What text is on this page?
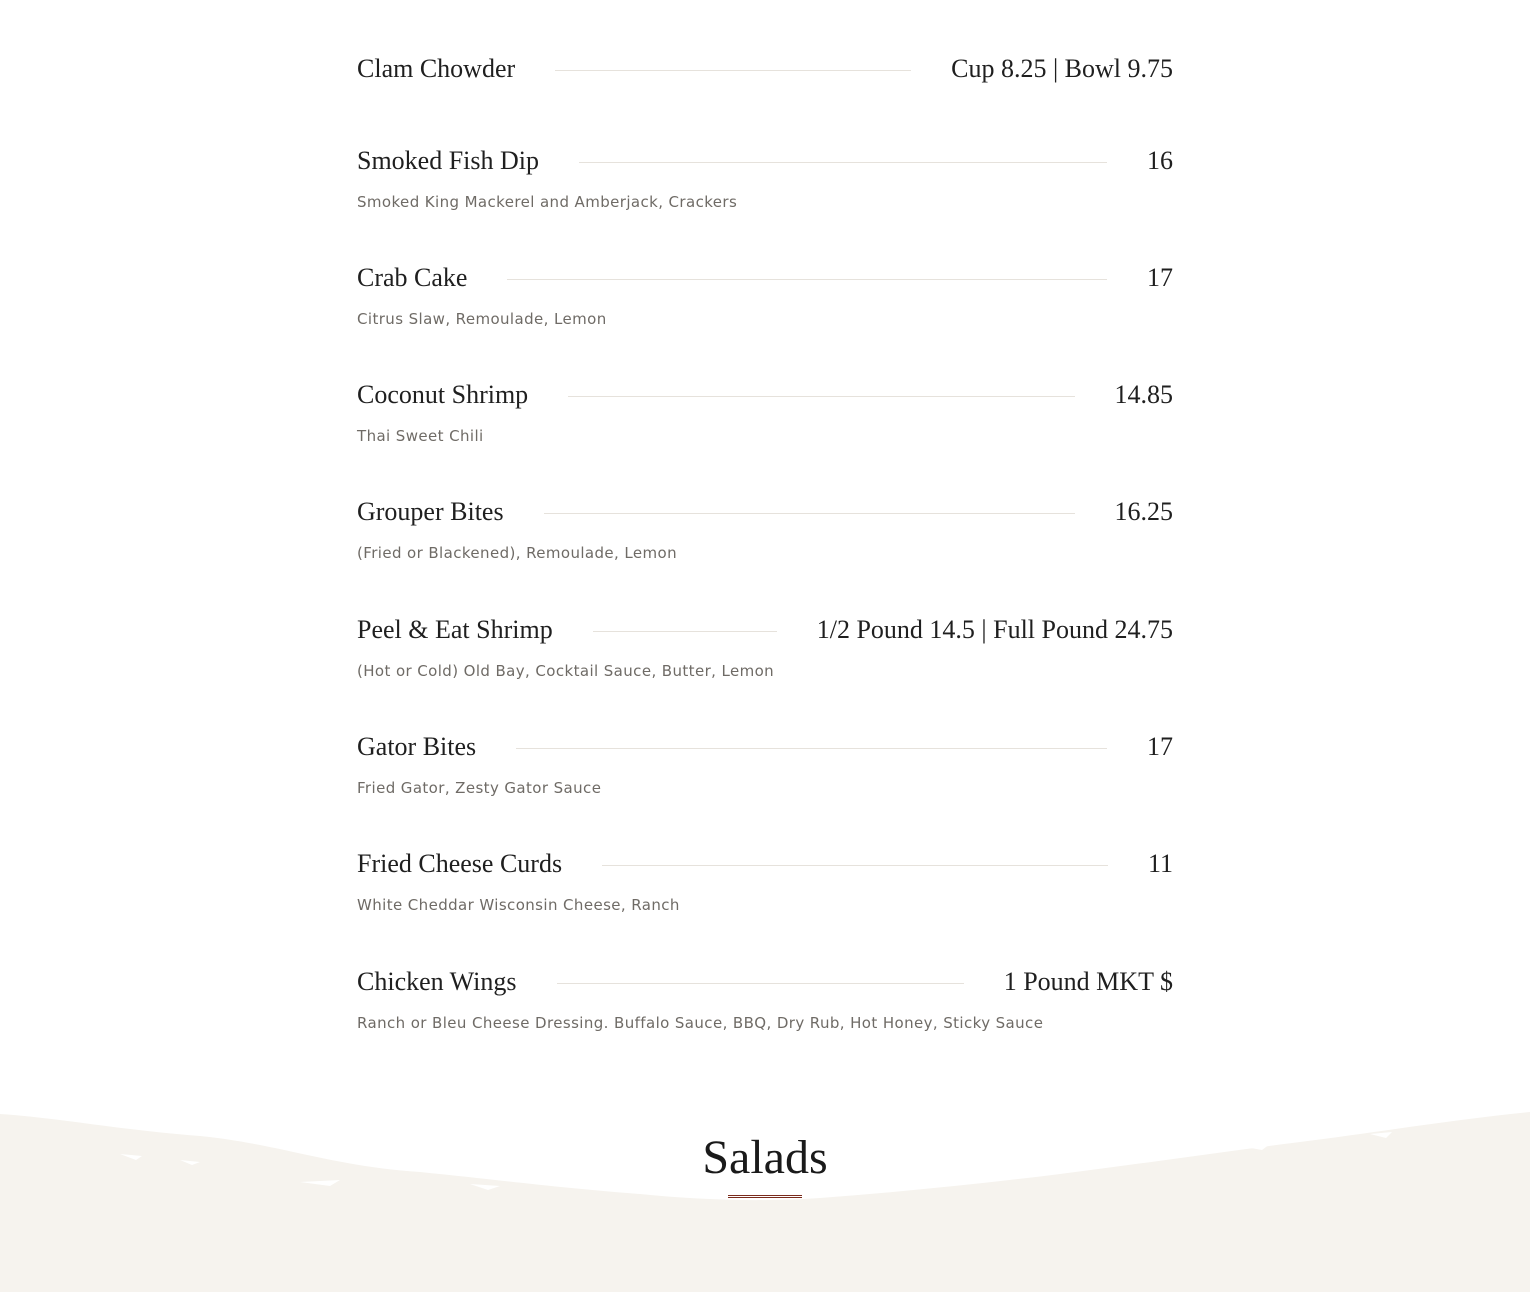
Clam Chowder	Cup 8.25 | Bowl 9.75
Smoked Fish Dip	16
Smoked King Mackerel and Amberjack, Crackers
Crab Cake	17
Citrus Slaw, Remoulade, Lemon
Coconut Shrimp	14.85
Thai Sweet Chili
Grouper Bites	16.25
(Fried or Blackened), Remoulade, Lemon
Peel & Eat Shrimp	1/2 Pound 14.5 | Full Pound 24.75
(Hot or Cold) Old Bay, Cocktail Sauce, Butter, Lemon
Gator Bites	17
Fried Gator, Zesty Gator Sauce
Fried Cheese Curds	11
White Cheddar Wisconsin Cheese, Ranch
Chicken Wings	1 Pound MKT $
Ranch or Bleu Cheese Dressing. Buffalo Sauce, BBQ, Dry Rub, Hot Honey, Sticky Sauce
Salads
